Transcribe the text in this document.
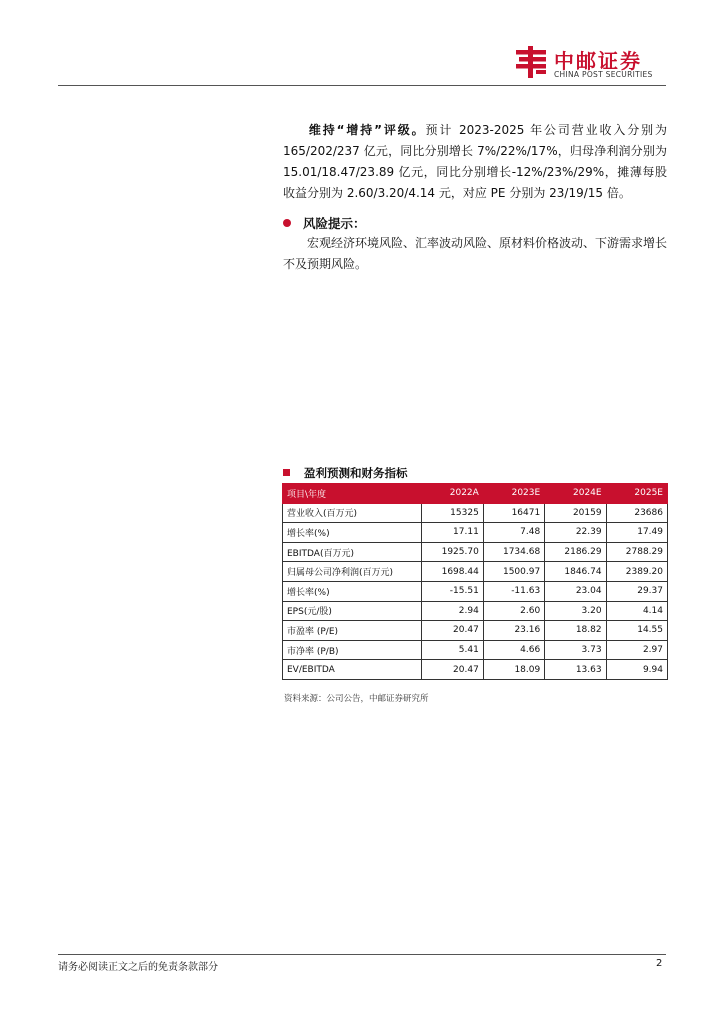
中邮证券
CHINA POST SECURITIES
维持“增持”评级。预计 2023-2025 年公司营业收入分别为 165/202/237 亿元，同比分别增长 7%/22%/17%，归母净利润分别为 15.01/18.47/23.89 亿元，同比分别增长-12%/23%/29%，摊薄每股收益分别为 2.60/3.20/4.14 元，对应 PE 分别为 23/19/15 倍。
风险提示：
宏观经济环境风险、汇率波动风险、原材料价格波动、下游需求增长不及预期风险。
盈利预测和财务指标
项目\年度	2022A	2023E	2024E	2025E
营业收入(百万元)	15325	16471	20159	23686
增长率(%)	17.11	7.48	22.39	17.49
EBITDA(百万元)	1925.70	1734.68	2186.29	2788.29
归属母公司净利润(百万元)	1698.44	1500.97	1846.74	2389.20
增长率(%)	-15.51	-11.63	23.04	29.37
EPS(元/股)	2.94	2.60	3.20	4.14
市盈率 (P/E)	20.47	23.16	18.82	14.55
市净率 (P/B)	5.41	4.66	3.73	2.97
EV/EBITDA	20.47	18.09	13.63	9.94
资料来源：公司公告，中邮证券研究所
请务必阅读正文之后的免责条款部分	2
